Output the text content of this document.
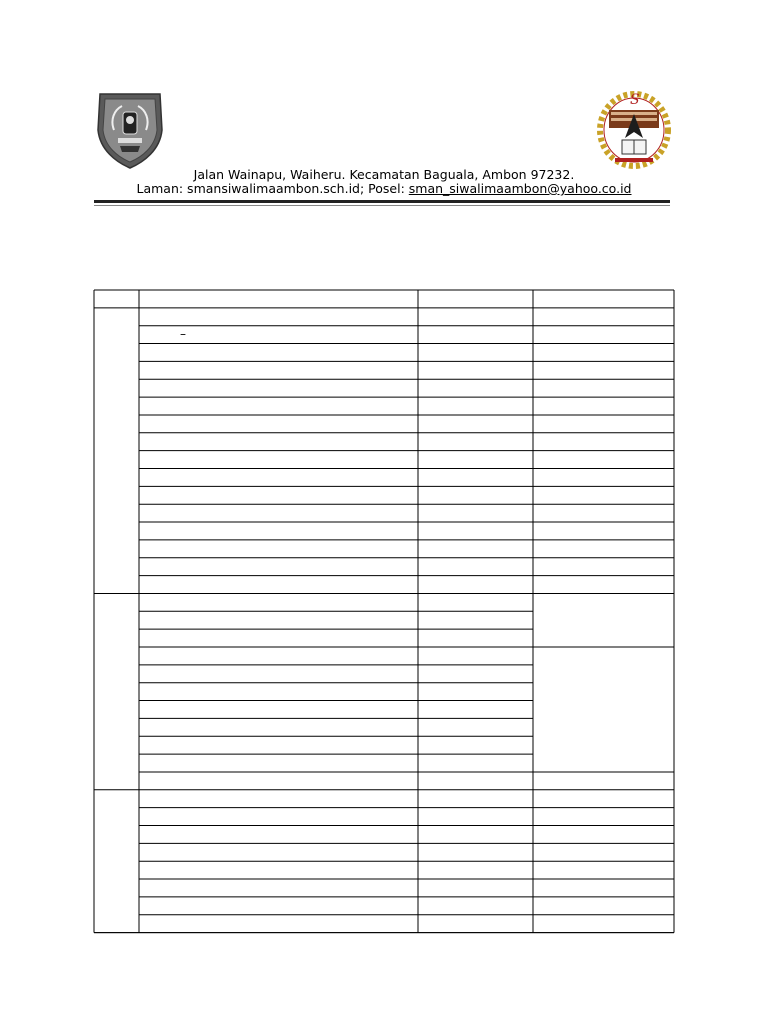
S
Jalan Wainapu, Waiheru. Kecamatan Baguala, Ambon 97232.
Laman: smansiwalimaambon.sch.id; Posel: sman_siwalimaambon@yahoo.co.id
–
